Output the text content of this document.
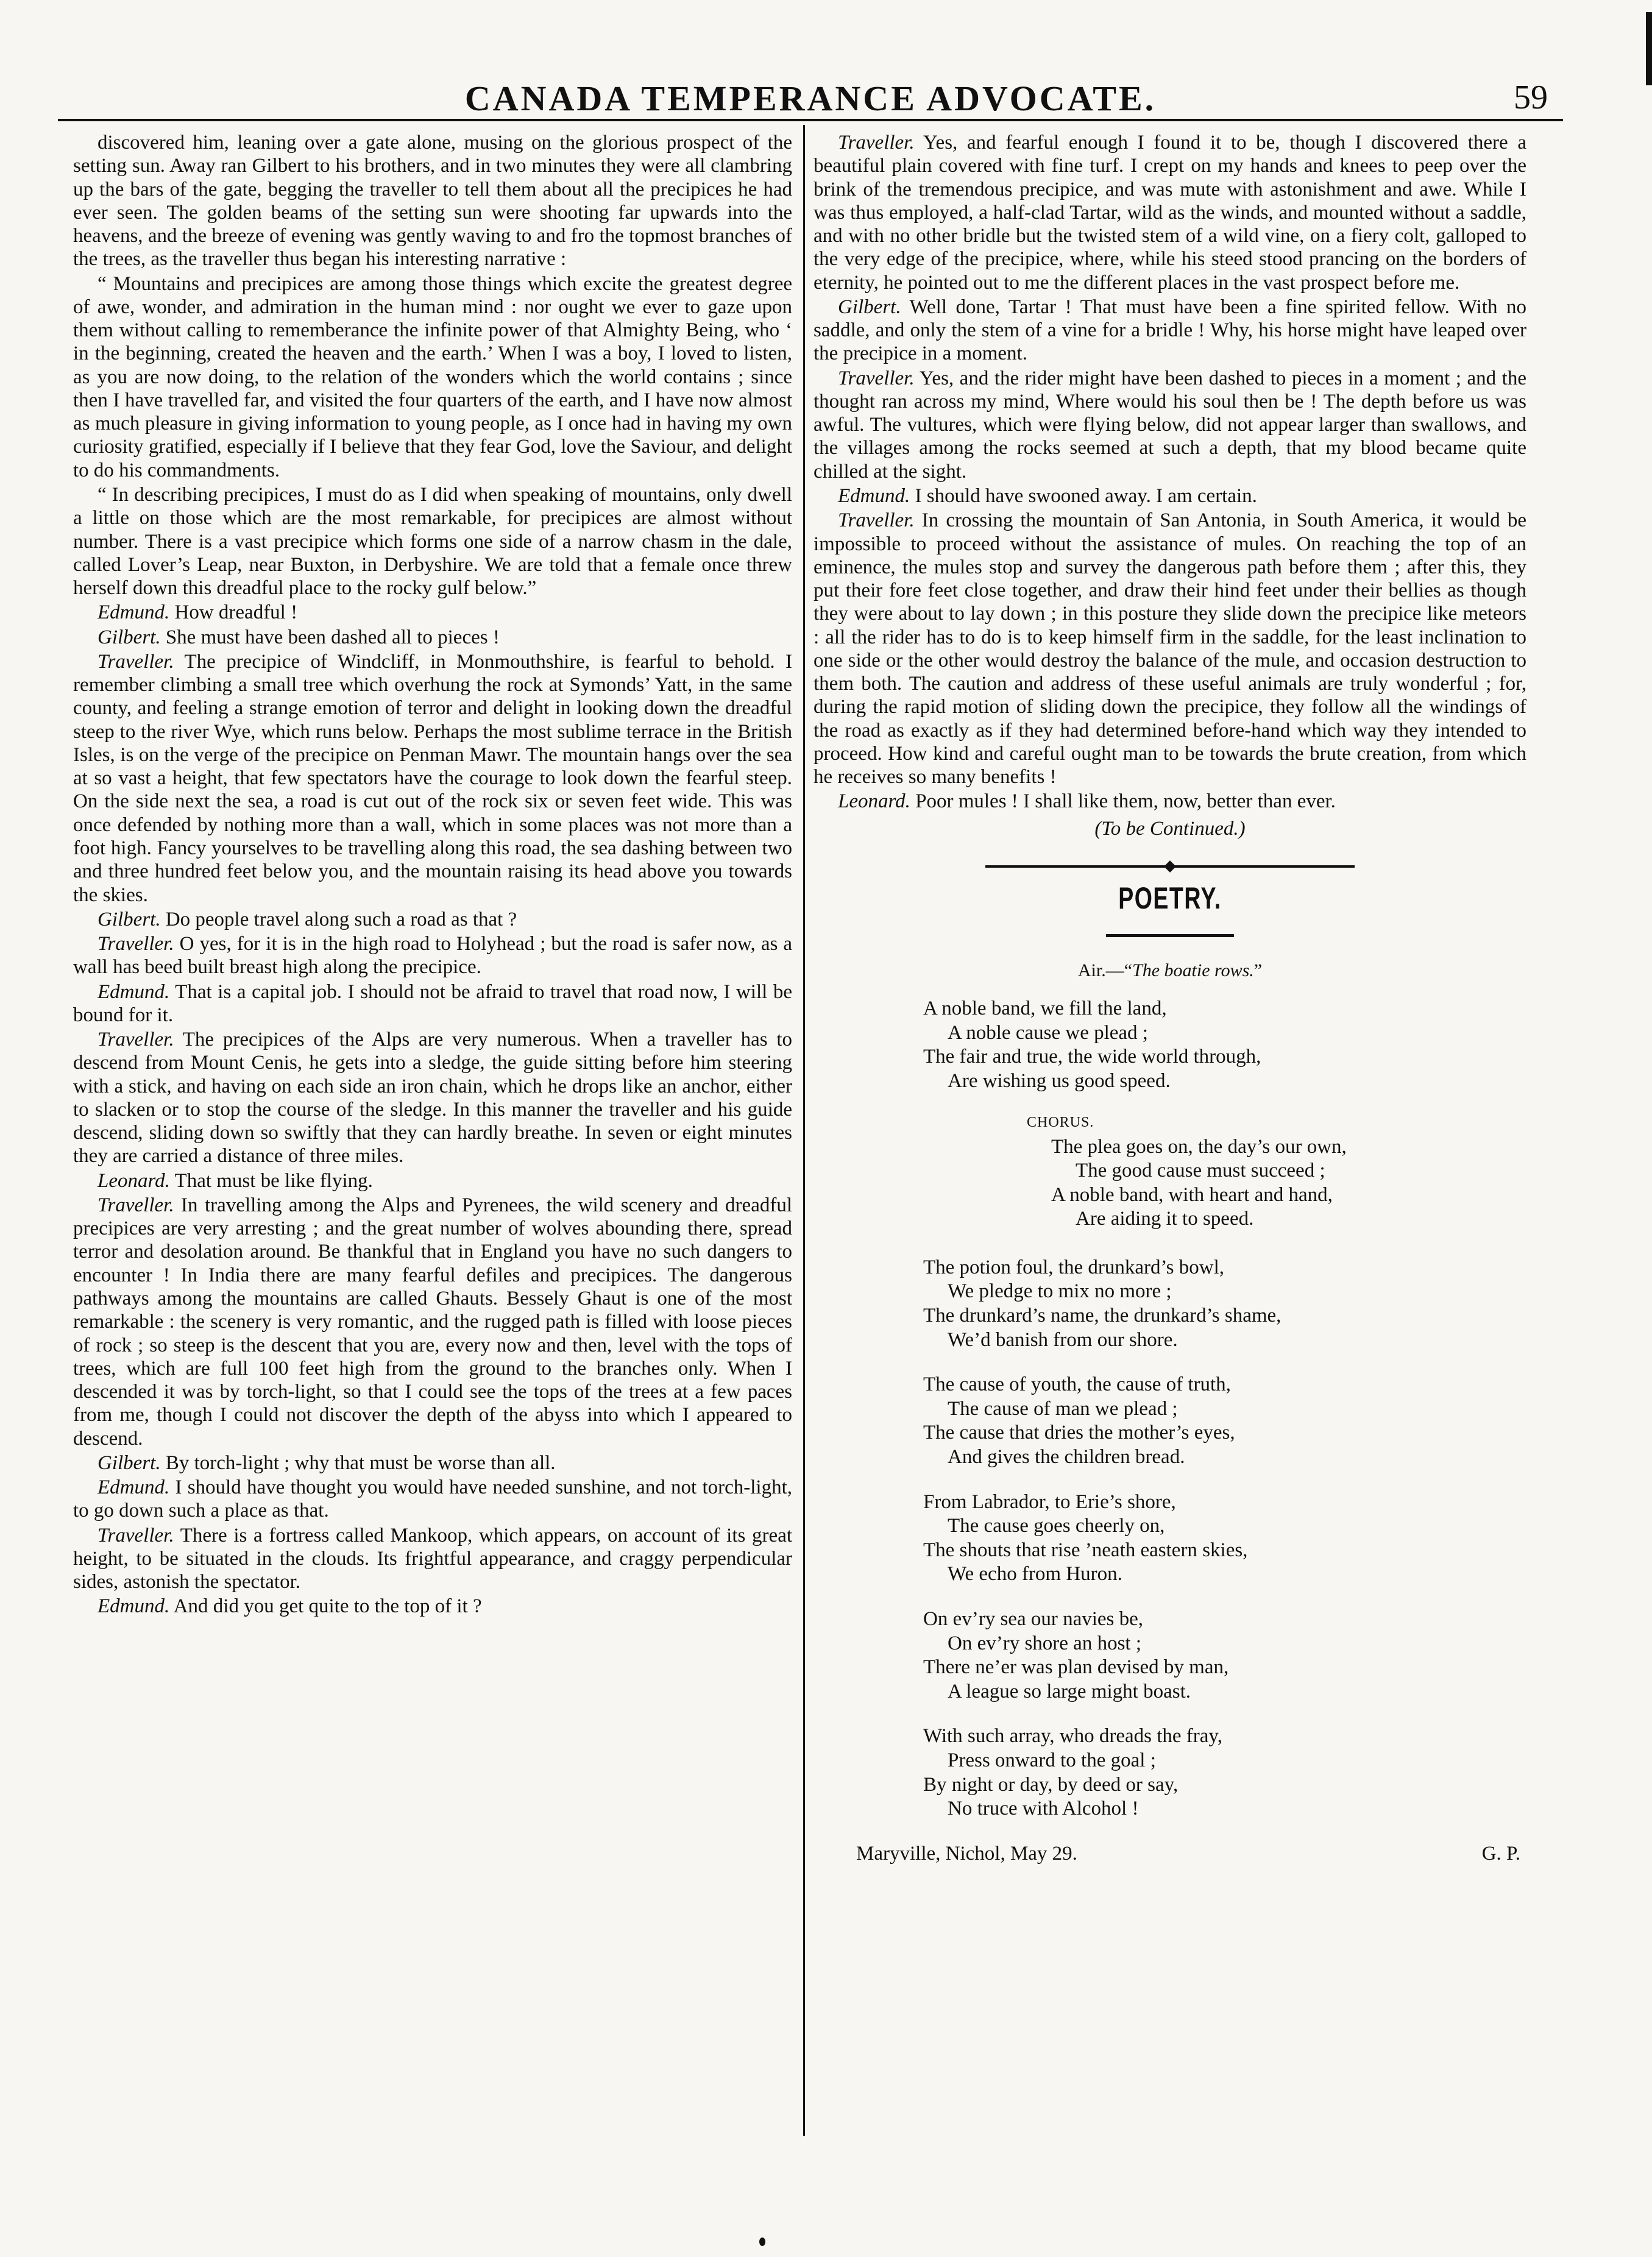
CANADA TEMPERANCE ADVOCATE.	59

discovered him, leaning over a gate alone, musing on the glorious prospect of the setting sun. Away ran Gilbert to his brothers, and in two minutes they were all clambring up the bars of the gate, begging the traveller to tell them about all the precipices he had ever seen. The golden beams of the setting sun were shooting far upwards into the heavens, and the breeze of evening was gently waving to and fro the topmost branches of the trees, as the traveller thus began his interesting narrative :

“ Mountains and precipices are among those things which excite the greatest degree of awe, wonder, and admiration in the human mind : nor ought we ever to gaze upon them without calling to rememberance the infinite power of that Almighty Being, who ‘ in the beginning, created the heaven and the earth.’ When I was a boy, I loved to listen, as you are now doing, to the relation of the wonders which the world contains ; since then I have travelled far, and visited the four quarters of the earth, and I have now almost as much pleasure in giving information to young people, as I once had in having my own curiosity gratified, especially if I believe that they fear God, love the Saviour, and delight to do his commandments.

“ In describing precipices, I must do as I did when speaking of mountains, only dwell a little on those which are the most remarkable, for precipices are almost without number. There is a vast precipice which forms one side of a narrow chasm in the dale, called Lover’s Leap, near Buxton, in Derbyshire. We are told that a female once threw herself down this dreadful place to the rocky gulf below.”

Edmund. How dreadful !

Gilbert. She must have been dashed all to pieces !

Traveller. The precipice of Windcliff, in Monmouthshire, is fearful to behold. I remember climbing a small tree which overhung the rock at Symonds’ Yatt, in the same county, and feeling a strange emotion of terror and delight in looking down the dreadful steep to the river Wye, which runs below. Perhaps the most sublime terrace in the British Isles, is on the verge of the precipice on Penman Mawr. The mountain hangs over the sea at so vast a height, that few spectators have the courage to look down the fearful steep. On the side next the sea, a road is cut out of the rock six or seven feet wide. This was once defended by nothing more than a wall, which in some places was not more than a foot high. Fancy yourselves to be travelling along this road, the sea dashing between two and three hundred feet below you, and the mountain raising its head above you towards the skies.

Gilbert. Do people travel along such a road as that ?

Traveller. O yes, for it is in the high road to Holyhead ; but the road is safer now, as a wall has beed built breast high along the precipice.

Edmund. That is a capital job. I should not be afraid to travel that road now, I will be bound for it.

Traveller. The precipices of the Alps are very numerous. When a traveller has to descend from Mount Cenis, he gets into a sledge, the guide sitting before him steering with a stick, and having on each side an iron chain, which he drops like an anchor, either to slacken or to stop the course of the sledge. In this manner the traveller and his guide descend, sliding down so swiftly that they can hardly breathe. In seven or eight minutes they are carried a distance of three miles.

Leonard. That must be like flying.

Traveller. In travelling among the Alps and Pyrenees, the wild scenery and dreadful precipices are very arresting ; and the great number of wolves abounding there, spread terror and desolation around. Be thankful that in England you have no such dangers to encounter ! In India there are many fearful defiles and precipices. The dangerous pathways among the mountains are called Ghauts. Bessely Ghaut is one of the most remarkable : the scenery is very romantic, and the rugged path is filled with loose pieces of rock ; so steep is the descent that you are, every now and then, level with the tops of trees, which are full 100 feet high from the ground to the branches only. When I descended it was by torch-light, so that I could see the tops of the trees at a few paces from me, though I could not discover the depth of the abyss into which I appeared to descend.

Gilbert. By torch-light ; why that must be worse than all.

Edmund. I should have thought you would have needed sunshine, and not torch-light, to go down such a place as that.

Traveller. There is a fortress called Mankoop, which appears, on account of its great height, to be situated in the clouds. Its frightful appearance, and craggy perpendicular sides, astonish the spectator.

Edmund. And did you get quite to the top of it ?

Traveller. Yes, and fearful enough I found it to be, though I discovered there a beautiful plain covered with fine turf. I crept on my hands and knees to peep over the brink of the tremendous precipice, and was mute with astonishment and awe. While I was thus employed, a half-clad Tartar, wild as the winds, and mounted without a saddle, and with no other bridle but the twisted stem of a wild vine, on a fiery colt, galloped to the very edge of the precipice, where, while his steed stood prancing on the borders of eternity, he pointed out to me the different places in the vast prospect before me.

Gilbert. Well done, Tartar ! That must have been a fine spirited fellow. With no saddle, and only the stem of a vine for a bridle ! Why, his horse might have leaped over the precipice in a moment.

Traveller. Yes, and the rider might have been dashed to pieces in a moment ; and the thought ran across my mind, Where would his soul then be ! The depth before us was awful. The vultures, which were flying below, did not appear larger than swallows, and the villages among the rocks seemed at such a depth, that my blood became quite chilled at the sight.

Edmund. I should have swooned away. I am certain.

Traveller. In crossing the mountain of San Antonia, in South America, it would be impossible to proceed without the assistance of mules. On reaching the top of an eminence, the mules stop and survey the dangerous path before them ; after this, they put their fore feet close together, and draw their hind feet under their bellies as though they were about to lay down ; in this posture they slide down the precipice like meteors : all the rider has to do is to keep himself firm in the saddle, for the least inclination to one side or the other would destroy the balance of the mule, and occasion destruction to them both. The caution and address of these useful animals are truly wonderful ; for, during the rapid motion of sliding down the precipice, they follow all the windings of the road as exactly as if they had determined before-hand which way they intended to proceed. How kind and careful ought man to be towards the brute creation, from which he receives so many benefits !

Leonard. Poor mules ! I shall like them, now, better than ever.

(To be Continued.)

POETRY.
Air.—“The boatie rows.”
A noble band, we fill the land,
A noble cause we plead ;
The fair and true, the wide world through,
Are wishing us good speed.
CHORUS.
The plea goes on, the day’s our own,
The good cause must succeed ;
A noble band, with heart and hand,
Are aiding it to speed.
The potion foul, the drunkard’s bowl,
We pledge to mix no more ;
The drunkard’s name, the drunkard’s shame,
We’d banish from our shore.
The cause of youth, the cause of truth,
The cause of man we plead ;
The cause that dries the mother’s eyes,
And gives the children bread.
From Labrador, to Erie’s shore,
The cause goes cheerly on,
The shouts that rise ’neath eastern skies,
We echo from Huron.
On ev’ry sea our navies be,
On ev’ry shore an host ;
There ne’er was plan devised by man,
A league so large might boast.
With such array, who dreads the fray,
Press onward to the goal ;
By night or day, by deed or say,
No truce with Alcohol !
Maryville, Nichol, May 29.	G. P.
